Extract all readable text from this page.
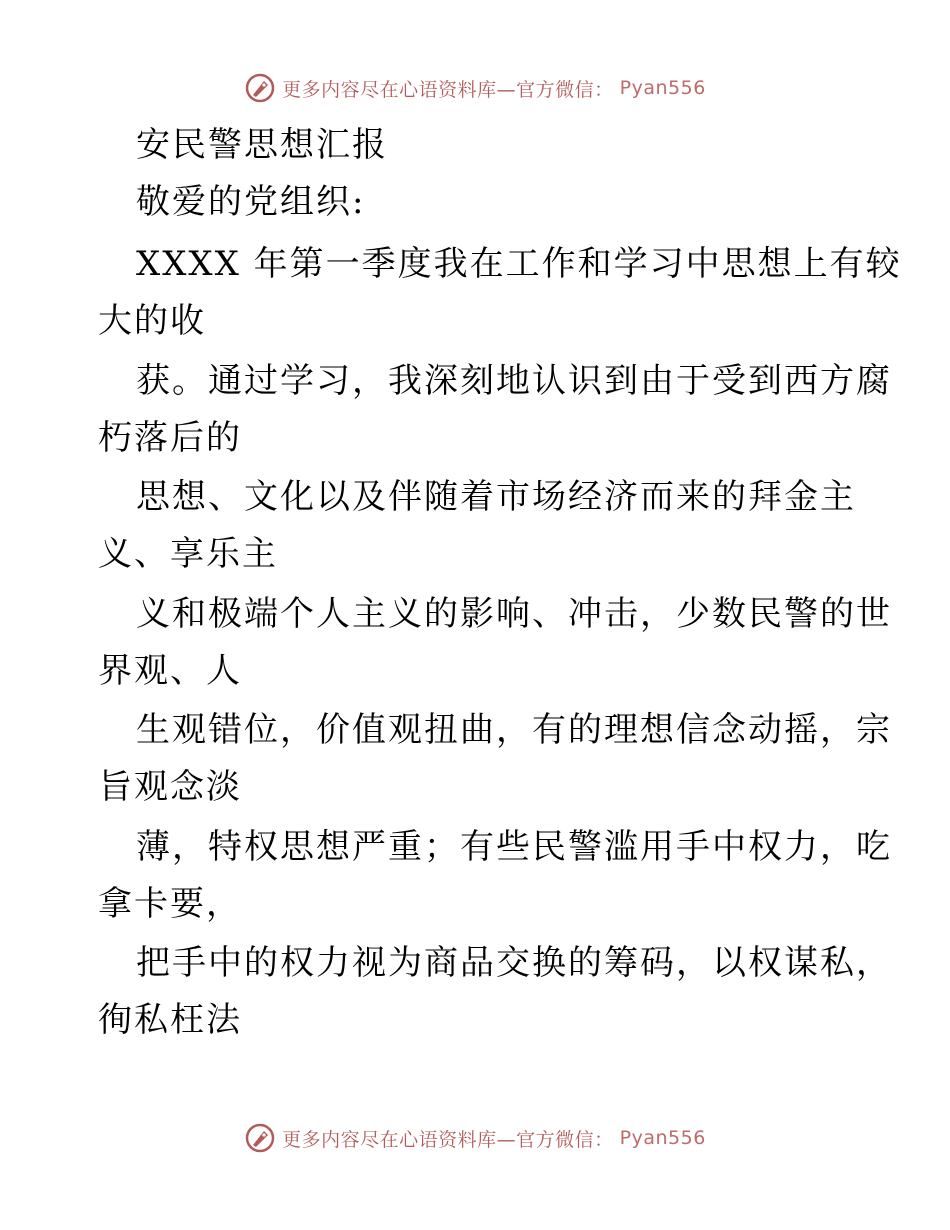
更多内容尽在心语资料库—官方微信： Pyan556
安民警思想汇报
敬爱的党组织:
XXXX 年第一季度我在工作和学习中思想上有较
大的收
获。通过学习，我深刻地认识到由于受到西方腐
朽落后的
思想、文化以及伴随着市场经济而来的拜金主
义、享乐主
义和极端个人主义的影响、冲击，少数民警的世
界观、人
生观错位，价值观扭曲，有的理想信念动摇，宗
旨观念淡
薄，特权思想严重；有些民警滥用手中权力，吃
拿卡要，
把手中的权力视为商品交换的筹码，以权谋私，
徇私枉法
更多内容尽在心语资料库—官方微信： Pyan556
